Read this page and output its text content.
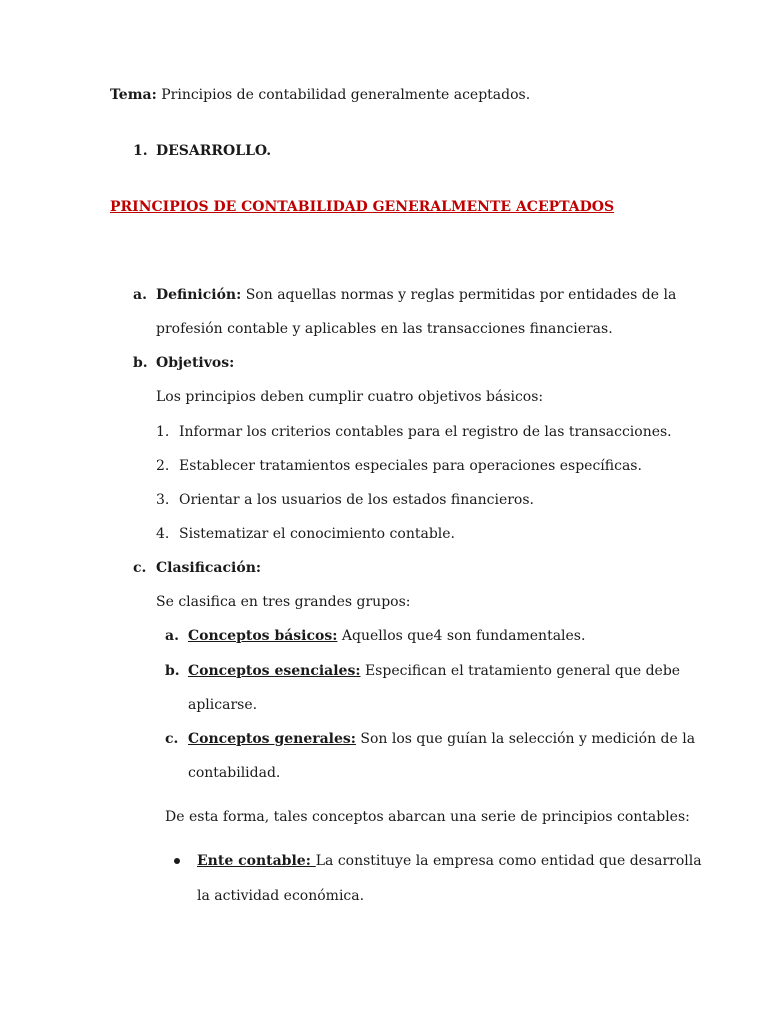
Tema: Principios de contabilidad generalmente aceptados.
1. DESARROLLO.
PRINCIPIOS DE CONTABILIDAD GENERALMENTE ACEPTADOS
a. Definición: Son aquellas normas y reglas permitidas por entidades de la
profesión contable y aplicables en las transacciones financieras.
b. Objetivos:
Los principios deben cumplir cuatro objetivos básicos:
1. Informar los criterios contables para el registro de las transacciones.
2. Establecer tratamientos especiales para operaciones específicas.
3. Orientar a los usuarios de los estados financieros.
4. Sistematizar el conocimiento contable.
c. Clasificación:
Se clasifica en tres grandes grupos:
a. Conceptos básicos: Aquellos que4 son fundamentales.
b. Conceptos esenciales: Especifican el tratamiento general que debe
aplicarse.
c. Conceptos generales: Son los que guían la selección y medición de la
contabilidad.
De esta forma, tales conceptos abarcan una serie de principios contables:
Ente contable: La constituye la empresa como entidad que desarrolla
la actividad económica.
